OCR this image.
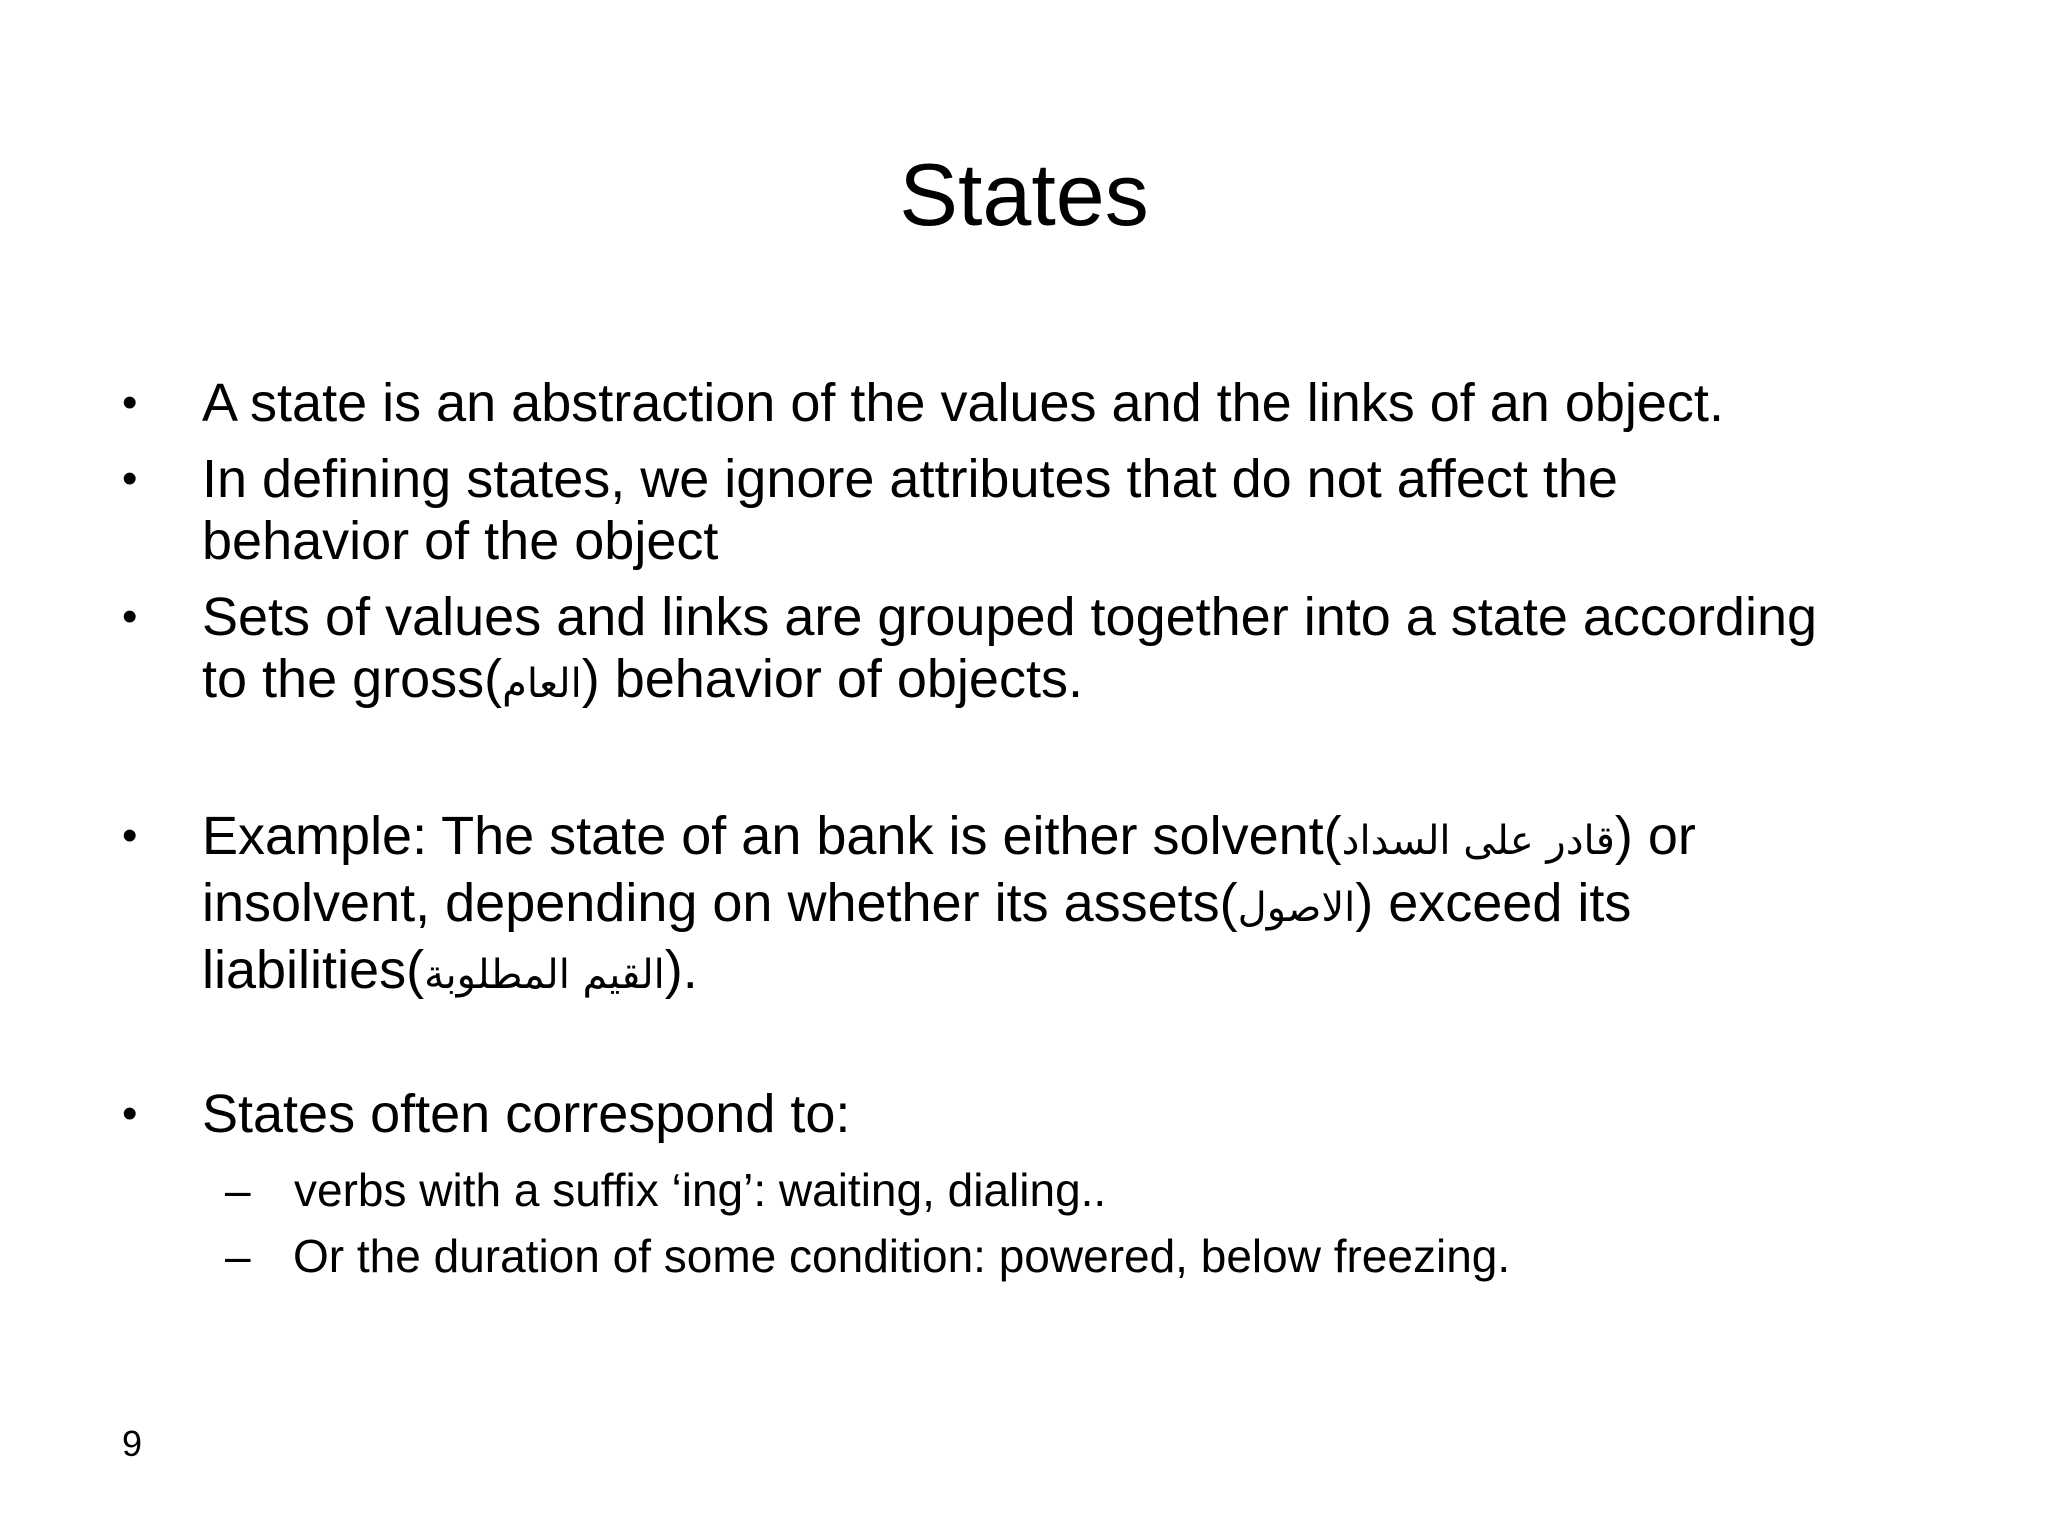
States
• A state is an abstraction of the values and the links of an object.
• In defining states, we ignore attributes that do not affect the
behavior of the object
• Sets of values and links are grouped together into a state according
to the gross(العام) behavior of objects.
• Example: The state of an bank is either solvent(قادر على السداد) or
insolvent, depending on whether its assets(الاصول) exceed its
liabilities(القيم المطلوبة).
• States often correspond to:
– verbs with a suffix ‘ing’: waiting, dialing..
– Or the duration of some condition: powered, below freezing.
9
